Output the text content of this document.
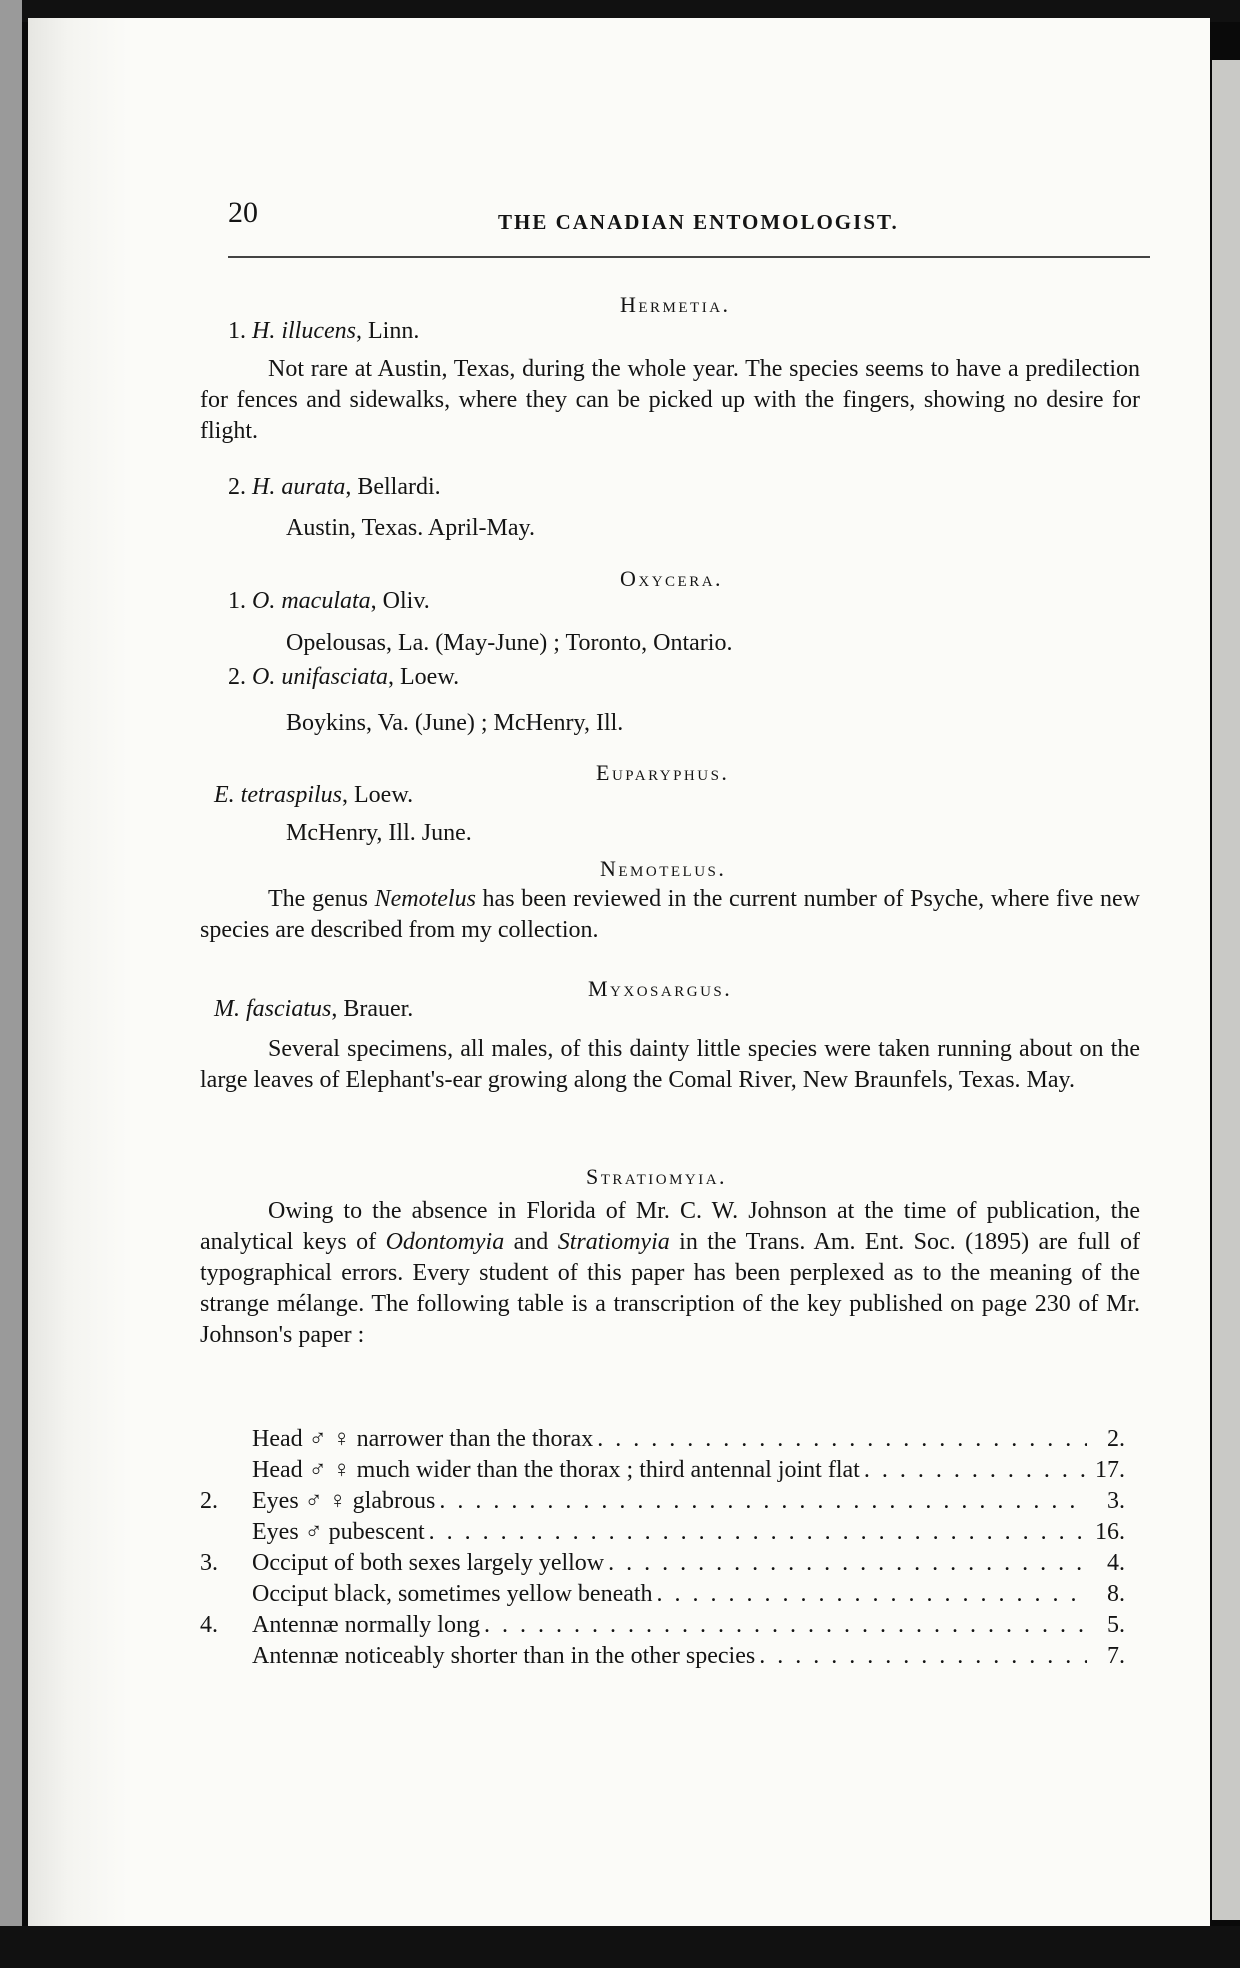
20	THE CANADIAN ENTOMOLOGIST.
Hermetia.
1. H. illucens, Linn.

Not rare at Austin, Texas, during the whole year. The species seems to have a predilection for fences and sidewalks, where they can be picked up with the fingers, showing no desire for flight.

2. H. aurata, Bellardi.
Austin, Texas. April-May.
Oxycera.
1. O. maculata, Oliv.
Opelousas, La. (May-June) ; Toronto, Ontario.
2. O. unifasciata, Loew.
Boykins, Va. (June) ; McHenry, Ill.
Euparyphus.
E. tetraspilus, Loew.
McHenry, Ill. June.
Nemotelus.

The genus Nemotelus has been reviewed in the current number of Psyche, where five new species are described from my collection.

Myxosargus.
M. fasciatus, Brauer.

Several specimens, all males, of this dainty little species were taken running about on the large leaves of Elephant's-ear growing along the Comal River, New Braunfels, Texas. May.

Stratiomyia.

Owing to the absence in Florida of Mr. C. W. Johnson at the time of publication, the analytical keys of Odontomyia and Stratiomyia in the Trans. Am. Ent. Soc. (1895) are full of typographical errors. Every student of this paper has been perplexed as to the meaning of the strange mélange. The following table is a transcription of the key published on page 230 of Mr. Johnson's paper :

Head ♂ ♀ narrower than the thorax . . .	2.
Head ♂ ♀ much wider than the thorax ; third antennal joint flat . . .	17.
2.	Eyes ♂ ♀ glabrous . . .	3.
Eyes ♂ pubescent . . .	16.
3.	Occiput of both sexes largely yellow . . .	4.
Occiput black, sometimes yellow beneath . . .	8.
4.	Antennæ normally long . . .	5.
Antennæ noticeably shorter than in the other species . . .	7.
